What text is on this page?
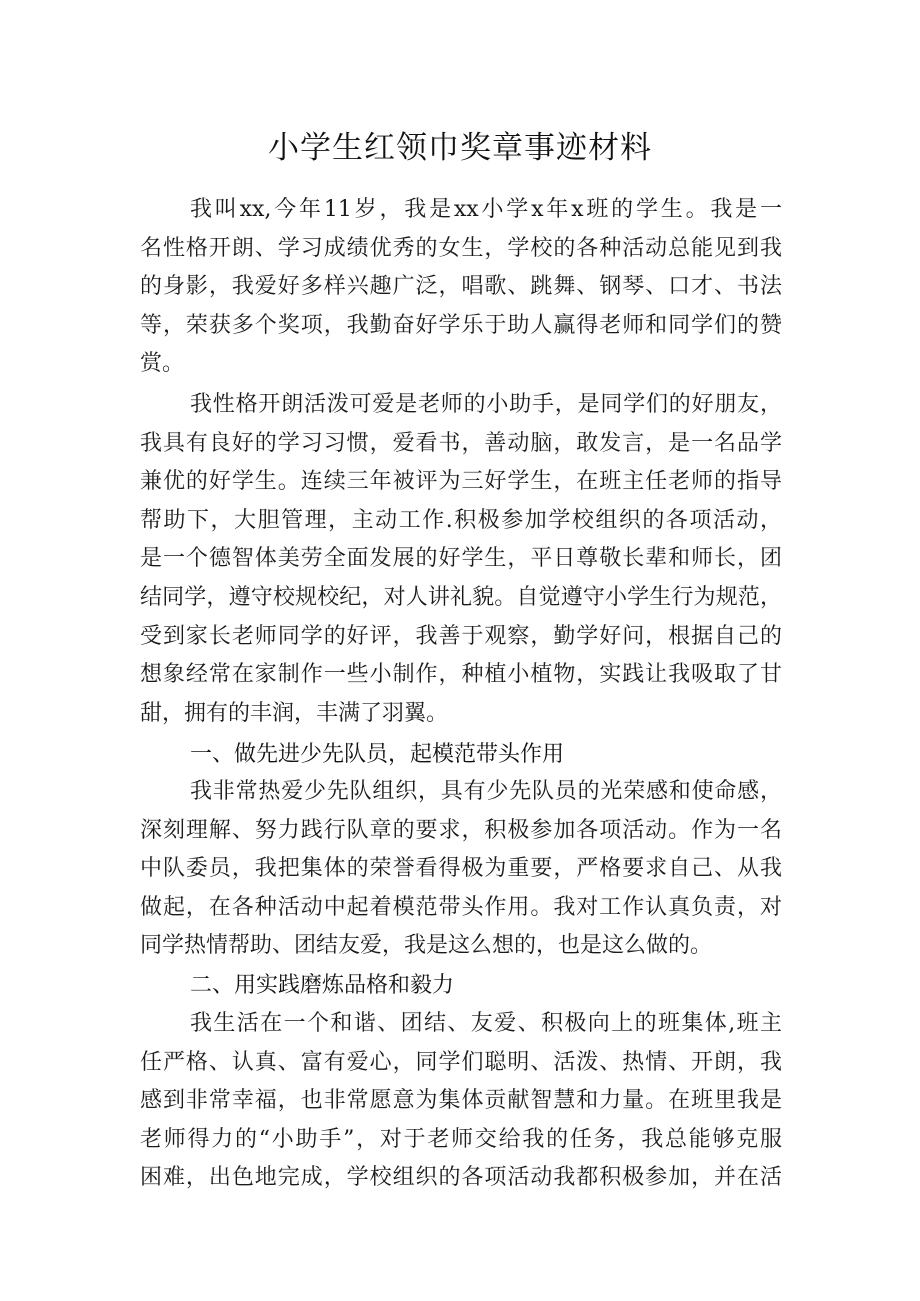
小学生红领巾奖章事迹材料
我叫xx,今年11岁，我是xx小学x年x班的学生。我是一
名性格开朗、学习成绩优秀的女生，学校的各种活动总能见到我
的身影，我爱好多样兴趣广泛，唱歌、跳舞、钢琴、口才、书法
等，荣获多个奖项，我勤奋好学乐于助人赢得老师和同学们的赞
赏。
我性格开朗活泼可爱是老师的小助手，是同学们的好朋友，
我具有良好的学习习惯，爱看书，善动脑，敢发言，是一名品学
兼优的好学生。连续三年被评为三好学生，在班主任老师的指导
帮助下，大胆管理，主动工作.积极参加学校组织的各项活动，
是一个德智体美劳全面发展的好学生，平日尊敬长辈和师长，团
结同学，遵守校规校纪，对人讲礼貌。自觉遵守小学生行为规范，
受到家长老师同学的好评，我善于观察，勤学好问，根据自己的
想象经常在家制作一些小制作，种植小植物，实践让我吸取了甘
甜，拥有的丰润，丰满了羽翼。
一、做先进少先队员，起模范带头作用
我非常热爱少先队组织，具有少先队员的光荣感和使命感，
深刻理解、努力践行队章的要求，积极参加各项活动。作为一名
中队委员，我把集体的荣誉看得极为重要，严格要求自己、从我
做起，在各种活动中起着模范带头作用。我对工作认真负责，对
同学热情帮助、团结友爱，我是这么想的，也是这么做的。
二、用实践磨炼品格和毅力
我生活在一个和谐、团结、友爱、积极向上的班集体,班主
任严格、认真、富有爱心，同学们聪明、活泼、热情、开朗，我
感到非常幸福，也非常愿意为集体贡献智慧和力量。在班里我是
老师得力的“小助手”，对于老师交给我的任务，我总能够克服
困难，出色地完成，学校组织的各项活动我都积极参加，并在活
